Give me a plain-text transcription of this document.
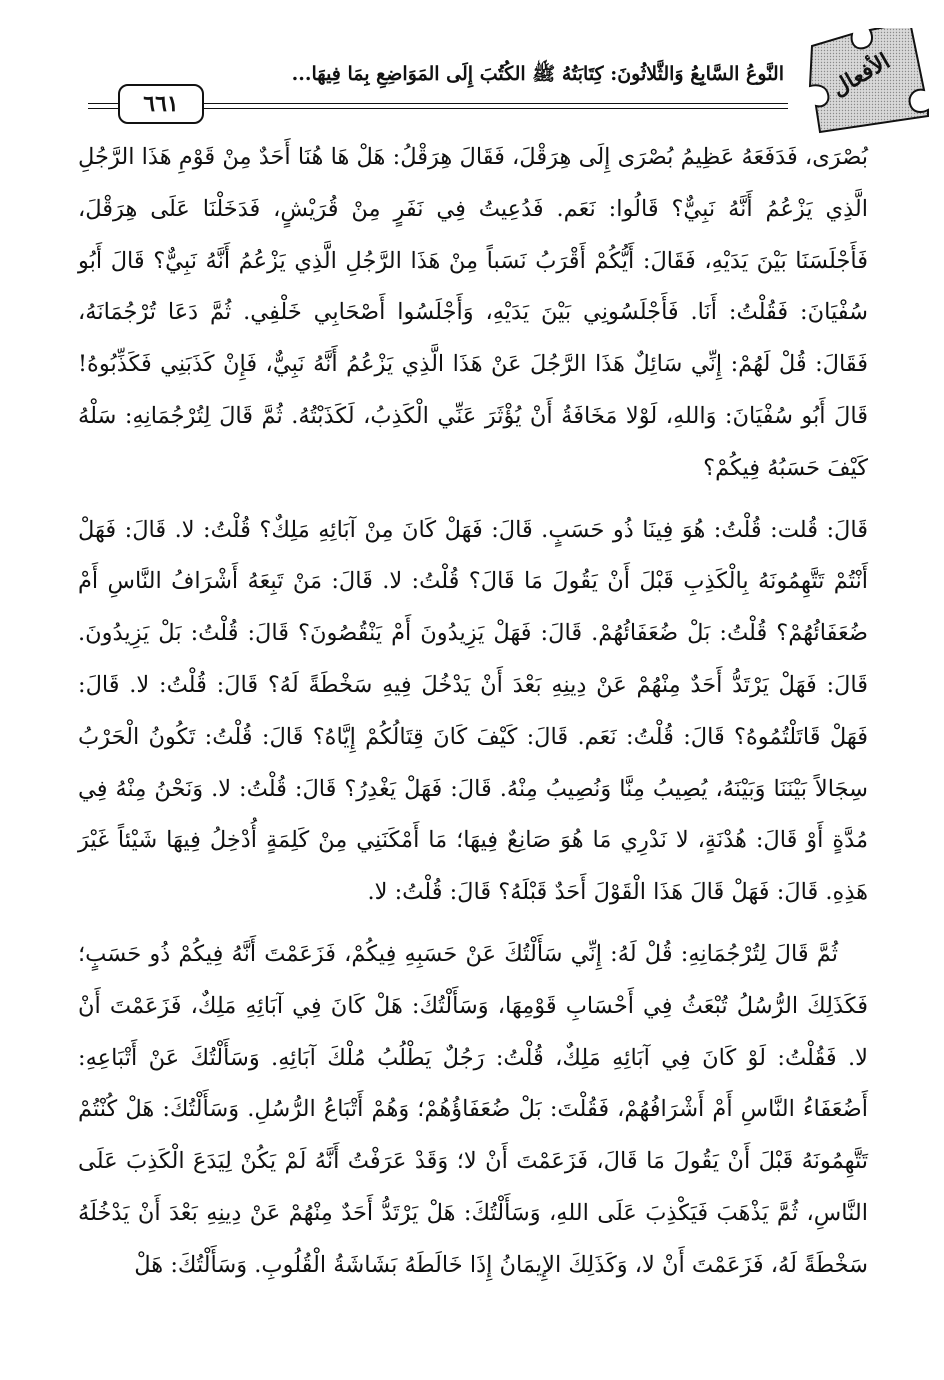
الأفعال
النَّوعُ السَّابِعُ وَالثَّلاثُونَ: كِتَابَتُهُ ﷺ الكُتُبَ إِلَى المَوَاضِعِ بِمَا فِيهَا...
٦٦١

بُصْرَى، فَدَفَعَهُ عَظِيمُ بُصْرَى إِلَى هِرَقْلَ، فَقَالَ هِرَقْلُ: هَلْ هَا هُنَا أَحَدٌ مِنْ قَوْمِ هَذَا الرَّجُلِ الَّذِي يَزْعُمُ أَنَّهُ نَبِيٌّ؟ قَالُوا: نَعَم. فَدُعِيتُ فِي نَفَرٍ مِنْ قُرَيْشٍ، فَدَخَلْنَا عَلَى هِرَقْلَ، فَأَجْلَسَنَا بَيْنَ يَدَيْهِ، فَقَالَ: أَيُّكُمْ أَقْرَبُ نَسَباً مِنْ هَذَا الرَّجُلِ الَّذِي يَزْعُمُ أَنَّهُ نَبِيٌّ؟ قَالَ أَبُو سُفْيَانَ: فَقُلْتُ: أَنَا. فَأَجْلَسُونِي بَيْنَ يَدَيْهِ، وَأَجْلَسُوا أَصْحَابِي خَلْفِي. ثُمَّ دَعَا تُرْجُمَانَهُ، فَقَالَ: قُلْ لَهُمْ: إِنِّي سَائِلٌ هَذَا الرَّجُلَ عَنْ هَذَا الَّذِي يَزْعُمُ أَنَّهُ نَبِيٌّ، فَإِنْ كَذَبَنِي فَكَذِّبُوهُ! قَالَ أَبُو سُفْيَانَ: وَاللهِ، لَوْلا مَخَافَةُ أَنْ يُؤْثَرَ عَنِّي الْكَذِبُ، لَكَذَبْتُهُ. ثُمَّ قَالَ لِتُرْجُمَانِهِ: سَلْهُ كَيْفَ حَسَبُهُ فِيكُمْ؟

قَالَ: قُلت: قُلْتُ: هُوَ فِينَا ذُو حَسَبٍ. قَالَ: فَهَلْ كَانَ مِنْ آبَائِهِ مَلِكٌ؟ قُلْتُ: لا. قَالَ: فَهَلْ أَنْتُمْ تَتَّهِمُونَهُ بِالْكَذِبِ قَبْلَ أَنْ يَقُولَ مَا قَالَ؟ قُلْتُ: لا. قَالَ: مَنْ تَبِعَهُ أَشْرَافُ النَّاسِ أَمْ ضُعَفَائُهُمْ؟ قُلْتُ: بَلْ ضُعَفَائُهُمْ. قَالَ: فَهَلْ يَزِيدُونَ أَمْ يَنْقُصُونَ؟ قَالَ: قُلْتُ: بَلْ يَزِيدُونَ. قَالَ: فَهَلْ يَرْتَدُّ أَحَدٌ مِنْهُمْ عَنْ دِينِهِ بَعْدَ أَنْ يَدْخُلَ فِيهِ سَخْطَةً لَهُ؟ قَالَ: قُلْتُ: لا. قَالَ: فَهَلْ قَاتَلْتُمُوهُ؟ قَالَ: قُلْتُ: نَعَم. قَالَ: كَيْفَ كَانَ قِتَالُكُمْ إِيَّاهُ؟ قَالَ: قُلْتُ: تَكُونُ الْحَرْبُ سِجَالاً بَيْنَنَا وَبَيْنَهُ، يُصِيبُ مِنَّا وَنُصِيبُ مِنْهُ. قَالَ: فَهَلْ يَغْدِرُ؟ قَالَ: قُلْتُ: لا. وَنَحْنُ مِنْهُ فِي مُدَّةٍ أَوْ قَالَ: هُدْنَةٍ، لا نَدْرِي مَا هُوَ صَانِعٌ فِيهَا؛ مَا أَمْكَنَنِي مِنْ كَلِمَةٍ أُدْخِلُ فِيهَا شَيْئاً غَيْرَ هَذِهِ. قَالَ: فَهَلْ قَالَ هَذَا الْقَوْلَ أَحَدٌ قَبْلَهُ؟ قَالَ: قُلْتُ: لا.

ثُمَّ قَالَ لِتُرْجُمَانِهِ: قُلْ لَهُ: إِنِّي سَأَلْتُكَ عَنْ حَسَبِهِ فِيكُمْ، فَزَعَمْتَ أَنَّهُ فِيكُمْ ذُو حَسَبٍ؛ فَكَذَلِكَ الرُّسُلُ تُبْعَثُ فِي أَحْسَابِ قَوْمِهَا، وَسَأَلْتُكَ: هَلْ كَانَ فِي آبَائِهِ مَلِكٌ، فَزَعَمْتَ أَنْ لا. فَقُلْتُ: لَوْ كَانَ فِي آبَائِهِ مَلِكٌ، قُلْتُ: رَجُلٌ يَطْلُبُ مُلْكَ آبَائِهِ. وَسَأَلْتُكَ عَنْ أَتْبَاعِهِ: أَضُعَفَاءُ النَّاسِ أَمْ أَشْرَافُهُمْ، فَقُلْتَ: بَلْ ضُعَفَاؤُهُمْ؛ وَهُمْ أَتْبَاعُ الرُّسُلِ. وَسَأَلْتُكَ: هَلْ كُنْتُمْ تَتَّهِمُونَهُ قَبْلَ أَنْ يَقُولَ مَا قَالَ، فَزَعَمْتَ أَنْ لا؛ وَقَدْ عَرَفْتُ أَنَّهُ لَمْ يَكُنْ لِيَدَعَ الْكَذِبَ عَلَى النَّاسِ، ثُمَّ يَذْهَبَ فَيَكْذِبَ عَلَى اللهِ، وَسَأَلْتُكَ: هَلْ يَرْتَدُّ أَحَدٌ مِنْهُمْ عَنْ دِينِهِ بَعْدَ أَنْ يَدْخُلَهُ سَخْطَةً لَهُ، فَزَعَمْتَ أَنْ لا، وَكَذَلِكَ الإِيمَانُ إِذَا خَالَطَهُ بَشَاشَةُ الْقُلُوبِ. وَسَأَلْتُكَ: هَلْ
